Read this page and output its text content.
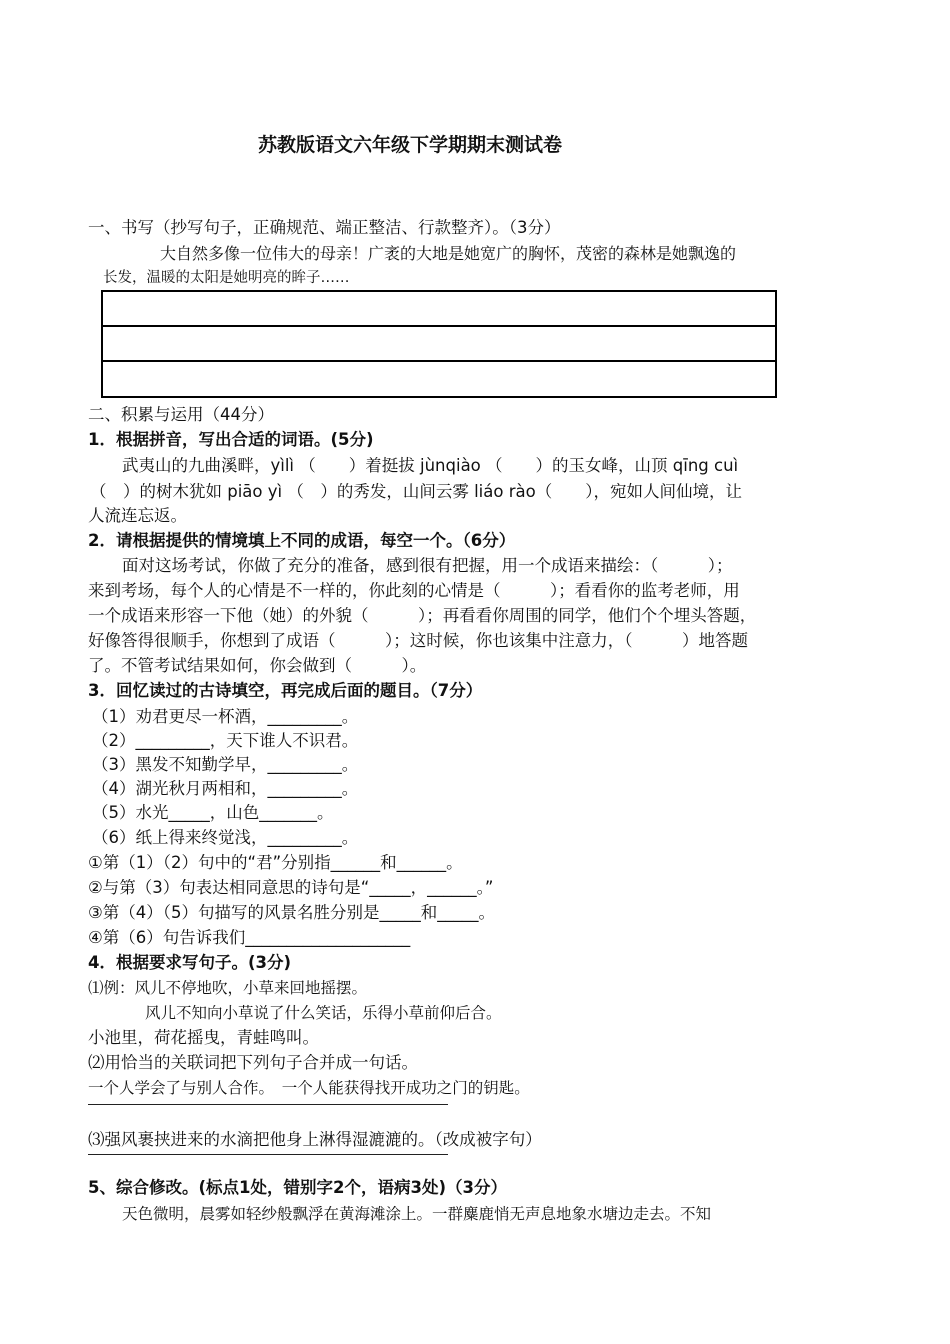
苏教版语文六年级下学期期末测试卷
一、书写（抄写句子，正确规范、端正整洁、行款整齐）。（3分）
大自然多像一位伟大的母亲！广袤的大地是她宽广的胸怀，茂密的森林是她飘逸的
长发，温暖的太阳是她明亮的眸子……
二、积累与运用（44分）
1．根据拼音，写出合适的词语。(5分)
武夷山的九曲溪畔，yìlì （　　）着挺拔 jùnqiào （　　）的玉女峰，山顶 qīng cuì
（　）的树木犹如 piāo yì （　）的秀发，山间云雾 liáo rào（　　），宛如人间仙境，让
人流连忘返。
2．请根据提供的情境填上不同的成语，每空一个。（6分）
面对这场考试，你做了充分的准备，感到很有把握，用一个成语来描绘：（　　　）；
来到考场，每个人的心情是不一样的，你此刻的心情是（　　　）；看看你的监考老师，用
一个成语来形容一下他（她）的外貌（　　　）；再看看你周围的同学，他们个个埋头答题，
好像答得很顺手，你想到了成语（　　　）；这时候，你也该集中注意力，（　　　）地答题
了。不管考试结果如何，你会做到（　　　）。
3．回忆读过的古诗填空，再完成后面的题目。（7分）
（1）劝君更尽一杯酒，_________。
（2）_________，天下谁人不识君。
（3）黑发不知勤学早，_________。
（4）湖光秋月两相和，_________。
（5）水光_____，山色_______。
（6）纸上得来终觉浅，_________。
①第（1）（2）句中的“君”分别指______和______。
②与第（3）句表达相同意思的诗句是“_____，______。”
③第（4）（5）句描写的风景名胜分别是_____和_____。
④第（6）句告诉我们____________________
4．根据要求写句子。(3分)
⑴例：风儿不停地吹，小草来回地摇摆。
风儿不知向小草说了什么笑话，乐得小草前仰后合。
小池里，荷花摇曳，青蛙鸣叫。
⑵用恰当的关联词把下列句子合并成一句话。
一个人学会了与别人合作。　一个人能获得找开成功之门的钥匙。
⑶强风裹挟进来的水滴把他身上淋得湿漉漉的。（改成被字句）
5、综合修改。(标点1处，错别字2个，语病3处)（3分）
天色微明，晨雾如轻纱般飘浮在黄海滩涂上。一群麋鹿悄无声息地象水塘边走去。不知
